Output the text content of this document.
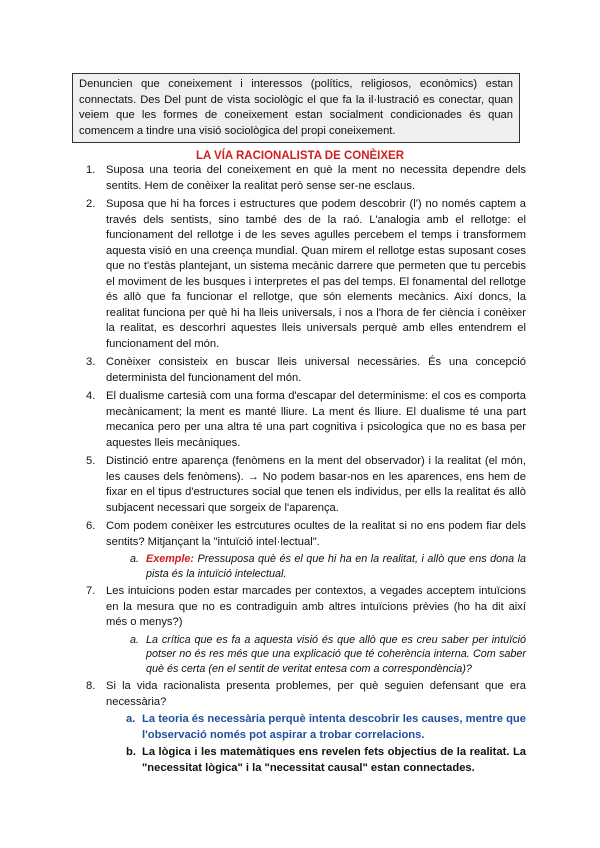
Denuncien que coneixement i interessos (polítics, religiosos, econòmics) estan connectats. Des Del punt de vista sociològic el que fa la il·lustració es conectar, quan veiem que les formes de coneixement estan socialment condicionades és quan comencem a tindre una visió sociològica del propi coneixement.
LA VÍA RACIONALISTA DE CONÈIXER
1. Suposa una teoria del coneixement en què la ment no necessita dependre dels sentits. Hem de conèixer la realitat però sense ser-ne esclaus.
2. Suposa que hi ha forces i estructures que podem descobrir (l') no només captem a través dels sentists, sino també des de la raó. L'analogia amb el rellotge: el funcionament del rellotge i de les seves agulles percebem el temps i transformem aquesta visió en una creença mundial. Quan mirem el rellotge estas suposant coses que no t'estàs plantejant, un sistema mecànic darrere que permeten que tu percebis el moviment de les busques i interpretes el pas del temps. El fonamental del rellotge és allò que fa funcionar el rellotge, que són elements mecànics. Així doncs, la realitat funciona per què hi ha lleis universals, i nos a l'hora de fer ciència i conèixer la realitat, es descorhri aquestes lleis universals perquè amb elles entendrem el funcionament del món.
3. Conèixer consisteix en buscar lleis universal necessàries. És una concepció determinista del funcionament del món.
4. El dualisme cartesià com una forma d'escapar del determinisme: el cos es comporta mecànicament; la ment es manté lliure. La ment és lliure. El dualisme té una part mecanica pero per una altra té una part cognitiva i psicologica que no es basa per aquestes lleis mecàniques.
5. Distinció entre aparença (fenòmens en la ment del observador) i la realitat (el món, les causes dels fenòmens). → No podem basar-nos en les aparences, ens hem de fixar en el tipus d'estructures social que tenen els individus, per ells la realitat és allò subjacent necessari que sorgeix de l'aparença.
6. Com podem conèixer les estrcutures ocultes de la realitat si no ens podem fiar dels sentits? Mitjançant la "intuïció intel·lectual".
a. Exemple: Pressuposa què és el que hi ha en la realitat, i allò que ens dona la pista és la intuïció intelectual.
7. Les intuicions poden estar marcades per contextos, a vegades acceptem intuïcions en la mesura que no es contradiguin amb altres intuïcions prèvies (ho ha dit així més o menys?)
a. La crítica que es fa a aquesta visió és que allò que es creu saber per intuïció potser no és res més que una explicació que té coherència interna. Com saber què és certa (en el sentit de veritat entesa com a correspondència)?
8. Si la vida racionalista presenta problemes, per què seguien defensant que era necessària?
a. La teoria és necessària perquè intenta descobrir les causes, mentre que l'observació només pot aspirar a trobar correlacions.
b. La lògica i les matemàtiques ens revelen fets objectius de la realitat. La "necessitat lògica" i la "necessitat causal" estan connectades.
